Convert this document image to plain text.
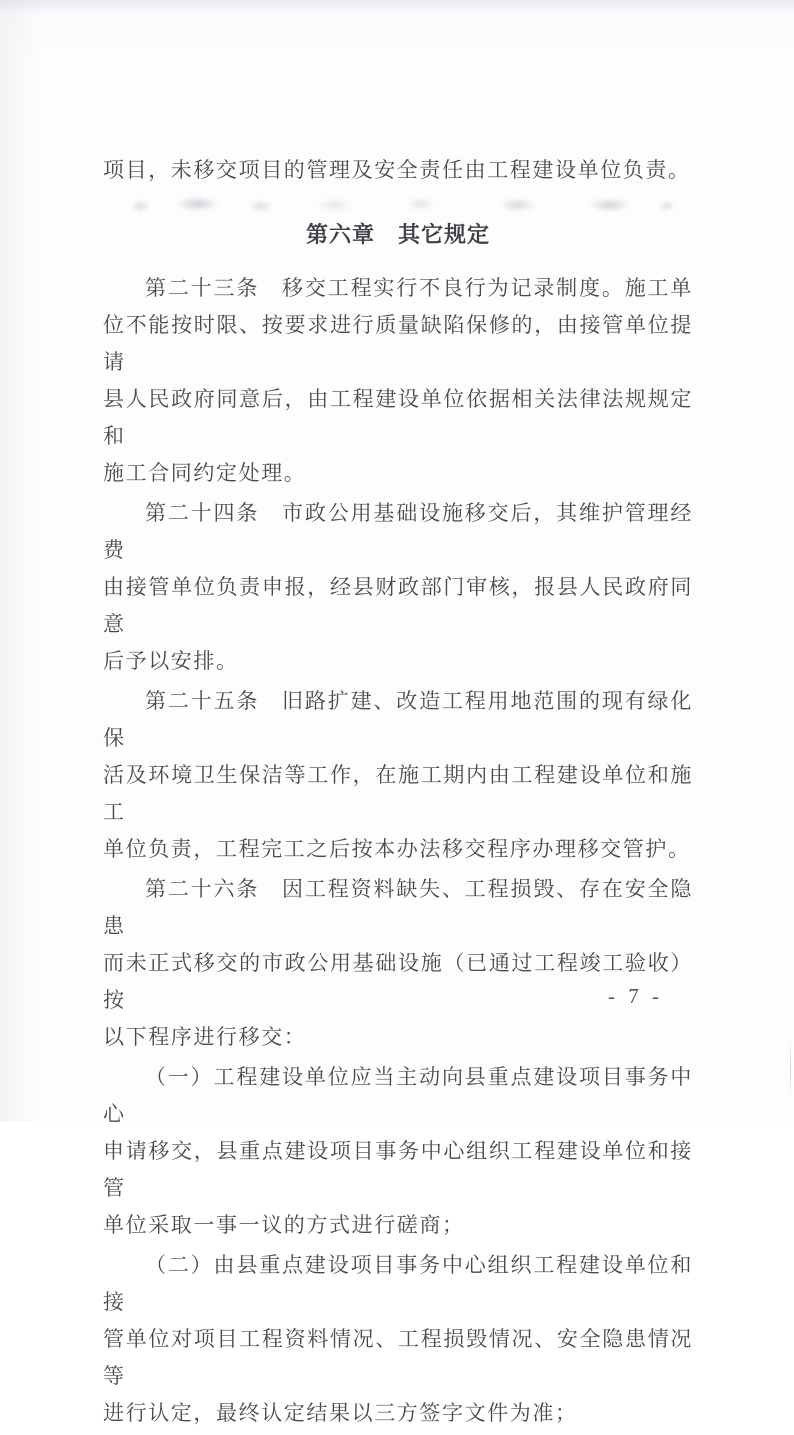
项目，未移交项目的管理及安全责任由工程建设单位负责。
第六章　其它规定
第二十三条　移交工程实行不良行为记录制度。施工单
位不能按时限、按要求进行质量缺陷保修的，由接管单位提请
县人民政府同意后，由工程建设单位依据相关法律法规规定和
施工合同约定处理。
第二十四条　市政公用基础设施移交后，其维护管理经费
由接管单位负责申报，经县财政部门审核，报县人民政府同意
后予以安排。
第二十五条　旧路扩建、改造工程用地范围的现有绿化保
活及环境卫生保洁等工作，在施工期内由工程建设单位和施工
单位负责，工程完工之后按本办法移交程序办理移交管护。
第二十六条　因工程资料缺失、工程损毁、存在安全隐患
而未正式移交的市政公用基础设施（已通过工程竣工验收）按
以下程序进行移交：
（一）工程建设单位应当主动向县重点建设项目事务中心
申请移交，县重点建设项目事务中心组织工程建设单位和接管
单位采取一事一议的方式进行磋商；
（二）由县重点建设项目事务中心组织工程建设单位和接
管单位对项目工程资料情况、工程损毁情况、安全隐患情况等
进行认定，最终认定结果以三方签字文件为准；
- 7 -
